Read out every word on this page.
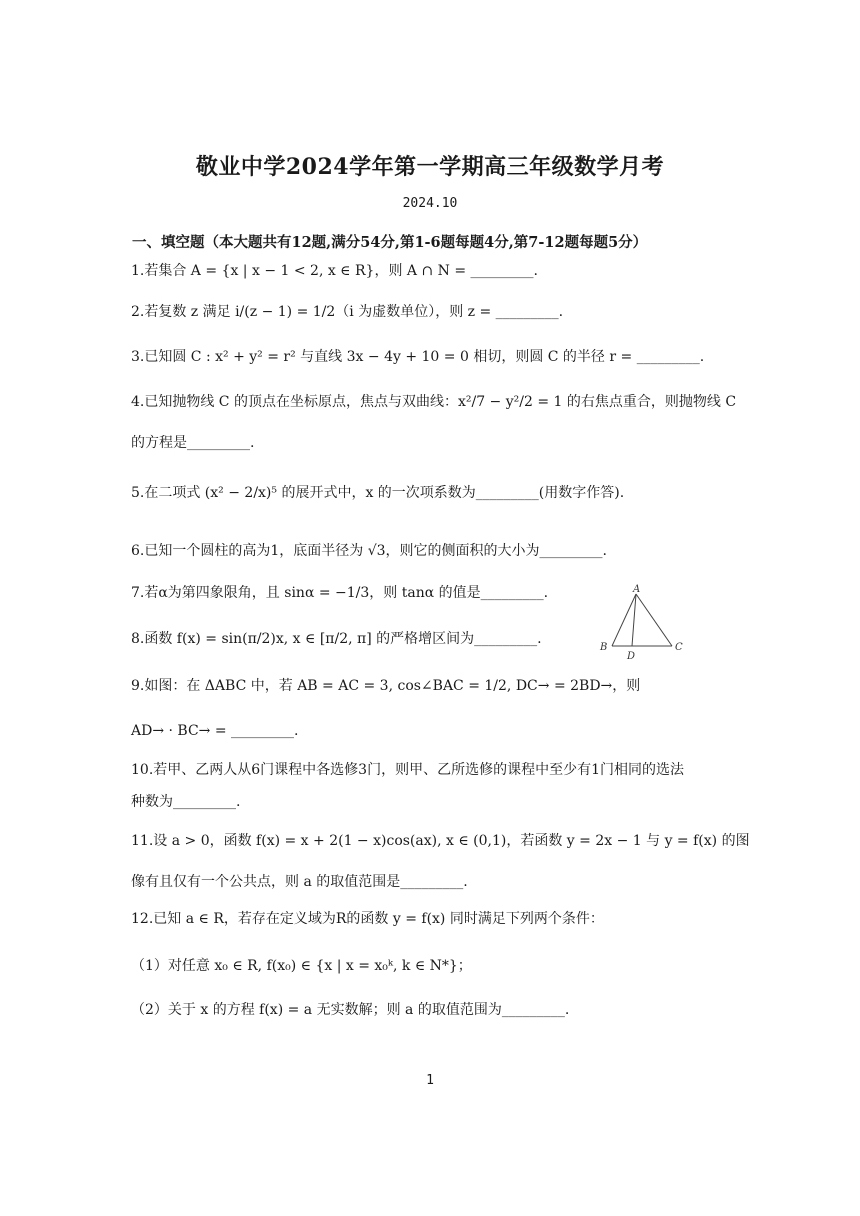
敬业中学2024学年第一学期高三年级数学月考
2024.10
一、填空题（本大题共有12题,满分54分,第1-6题每题4分,第7-12题每题5分）
1.若集合 A = {x | x − 1 < 2, x ∈ R}，则 A ∩ N = _________.
2.若复数 z 满足 i/(z − 1) = 1/2（i 为虚数单位），则 z = _________.
3.已知圆 C : x² + y² = r² 与直线 3x − 4y + 10 = 0 相切，则圆 C 的半径 r = _________.
4.已知抛物线 C 的顶点在坐标原点，焦点与双曲线：x²/7 − y²/2 = 1 的右焦点重合，则抛物线 C
的方程是_________.
5.在二项式 (x² − 2/x)⁵ 的展开式中，x 的一次项系数为_________(用数字作答).
6.已知一个圆柱的高为1，底面半径为 √3，则它的侧面积的大小为_________.
7.若α为第四象限角，且 sinα = −1/3，则 tanα 的值是_________.
8.函数 f(x) = sin(π/2)x, x ∈ [π/2, π] 的严格增区间为_________.
9.如图：在 ΔABC 中，若 AB = AC = 3, cos∠BAC = 1/2, DC→ = 2BD→，则
AD→ · BC→ = _________.
10.若甲、乙两人从6门课程中各选修3门，则甲、乙所选修的课程中至少有1门相同的选法
种数为_________.
11.设 a > 0，函数 f(x) = x + 2(1 − x)cos(ax), x ∈ (0,1)，若函数 y = 2x − 1 与 y = f(x) 的图
像有且仅有一个公共点，则 a 的取值范围是_________.
12.已知 a ∈ R，若存在定义域为R的函数 y = f(x) 同时满足下列两个条件：
（1）对任意 x₀ ∈ R, f(x₀) ∈ {x | x = x₀ᵏ, k ∈ N*}；
（2）关于 x 的方程 f(x) = a 无实数解；则 a 的取值范围为_________.
A
B	C
D
1
